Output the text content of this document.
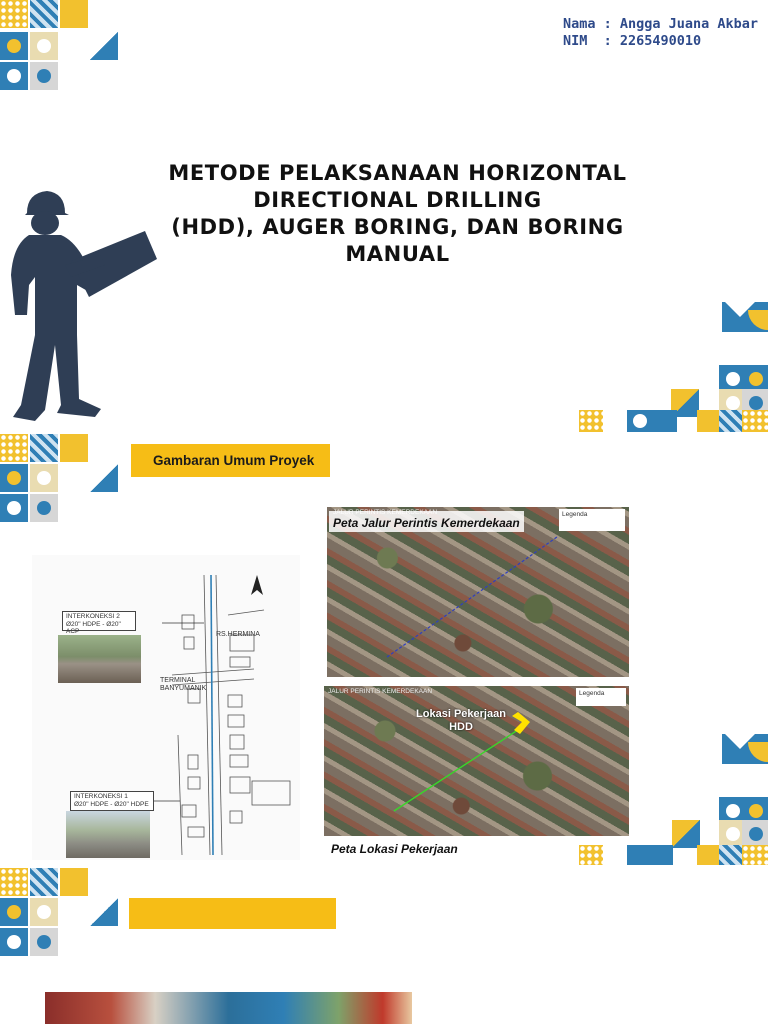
Nama : Angga Juana Akbar
NIM  : 2265490010
METODE PELAKSANAAN HORIZONTAL
DIRECTIONAL DRILLING
(HDD), AUGER BORING, DAN BORING
MANUAL
Gambaran Umum Proyek
INTERKONEKSI 2
Ø20" HDPE - Ø20" ACP	RS.HERMINA
TERMINAL BANYUMANIK
INTERKONEKSI 1
Ø20" HDPE - Ø20" HDPE
Legenda
Peta Jalur Perintis Kemerdekaan
JALUR PERINTIS KEMERDEKAAN	Legenda
Lokasi Pekerjaan
HDD
Peta Lokasi Pekerjaan
